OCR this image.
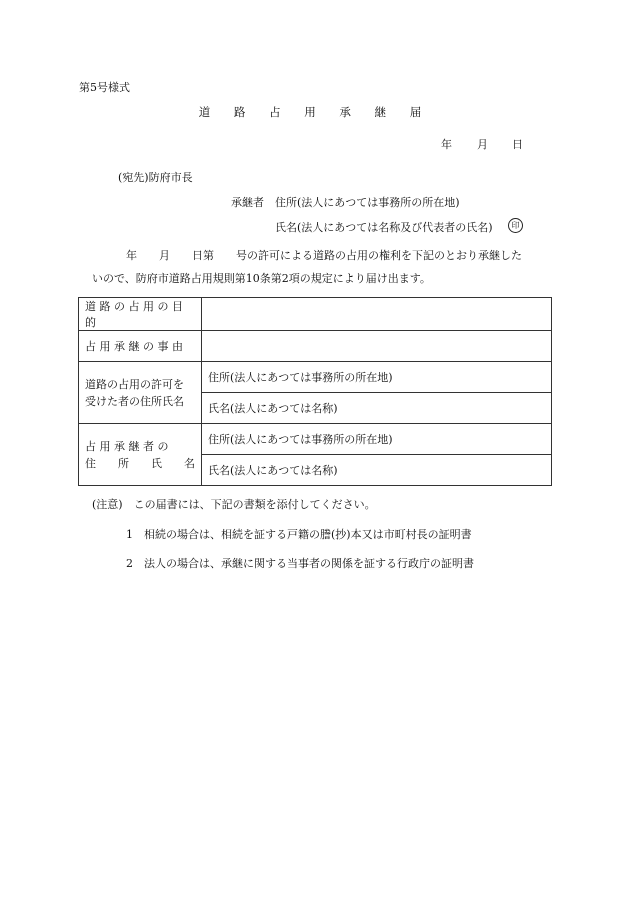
第5号様式
道 路 占 用 承 継 届
年 月 日
(宛先)防府市長
承継者 住所(法人にあつては事務所の所在地)
氏名(法人にあつては名称及び代表者の氏名)	印
年　　月　　日第　　号の許可による道路の占用の権利を下記のとおり承継した
いので、防府市道路占用規則第10条第2項の規定により届け出ます。
道 路 の 占 用 の 目 的	
占 用 承 継 の 事 由	

道路の占用の許可を
受けた者の住所氏名	住所(法人にあつては事務所の所在地)
	氏名(法人にあつては名称)

占 用 承 継 者 の
住 所 氏 名	住所(法人にあつては事務所の所在地)
	氏名(法人にあつては名称)
(注意)　この届書には、下記の書類を添付してください。
1　相続の場合は、相続を証する戸籍の謄(抄)本又は市町村長の証明書
2　法人の場合は、承継に関する当事者の関係を証する行政庁の証明書
